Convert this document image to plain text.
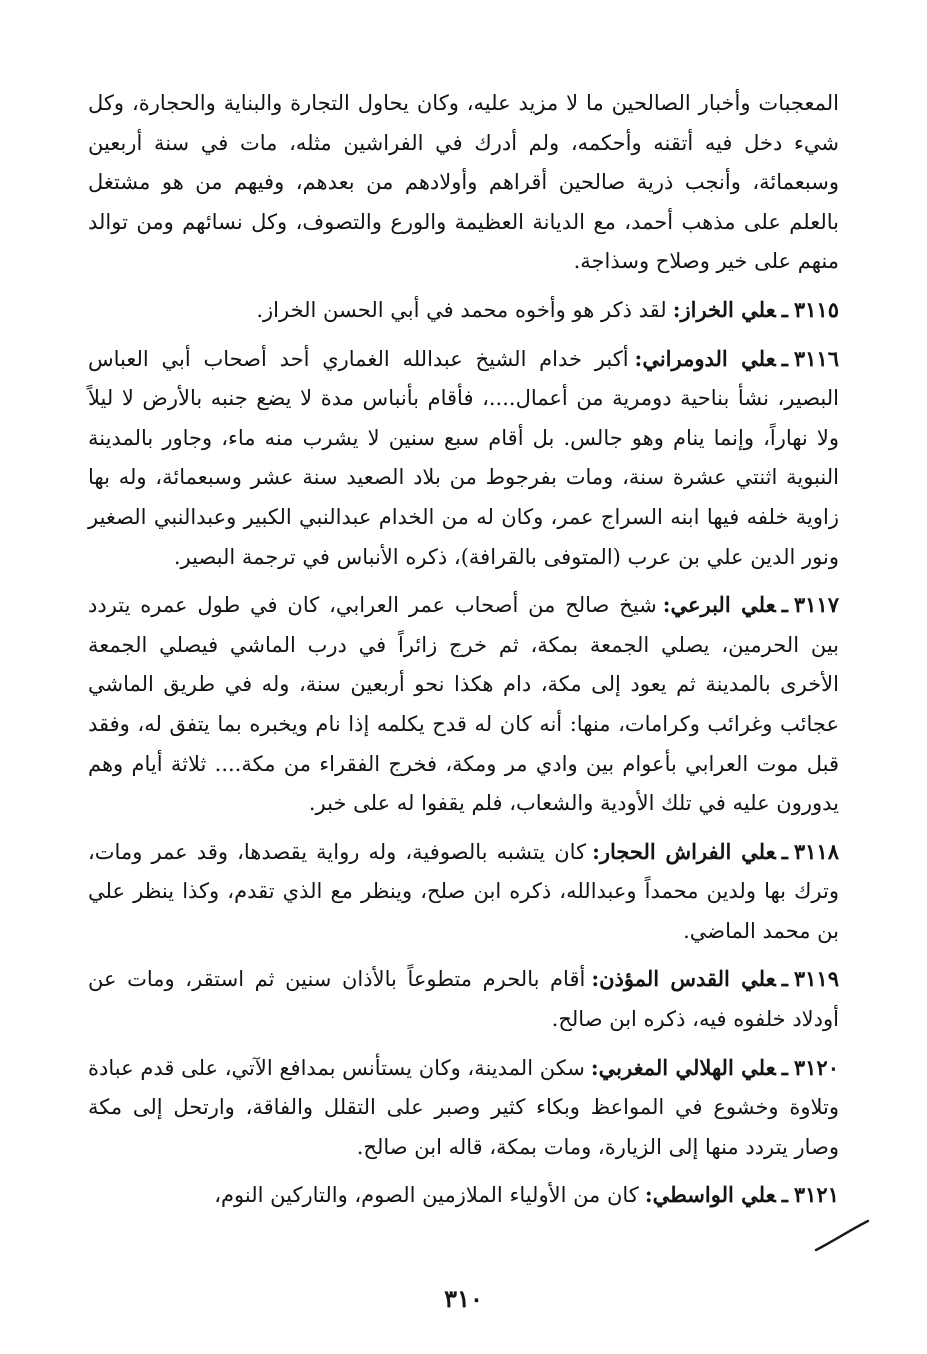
المعجبات وأخبار الصالحين ما لا مزيد عليه، وكان يحاول التجارة والبناية والحجارة، وكل شيء دخل فيه أتقنه وأحكمه، ولم أدرك في الفراشين مثله، مات في سنة أربعين وسبعمائة، وأنجب ذرية صالحين أقراهم وأولادهم من بعدهم، وفيهم من هو مشتغل بالعلم على مذهب أحمد، مع الديانة العظيمة والورع والتصوف، وكل نسائهم ومن توالد منهم على خير وصلاح وسذاجة.

٣١١٥ـعلي الخراز:لقد ذكر هو وأخوه محمد في أبي الحسن الخراز.

٣١١٦ـعلي الدومراني:أكبر خدام الشيخ عبدالله الغماري أحد أصحاب أبي العباس البصير، نشأ بناحية دومرية من أعمال....، فأقام بأنباس مدة لا يضع جنبه بالأرض لا ليلاً ولا نهاراً، وإنما ينام وهو جالس. بل أقام سبع سنين لا يشرب منه ماء، وجاور بالمدينة النبوية اثنتي عشرة سنة، ومات بفرجوط من بلاد الصعيد سنة عشر وسبعمائة، وله بها زاوية خلفه فيها ابنه السراج عمر، وكان له من الخدام عبدالنبي الكبير وعبدالنبي الصغير ونور الدين علي بن عرب (المتوفى بالقرافة)، ذكره الأنباس في ترجمة البصير.

٣١١٧ـعلي البرعي:شيخ صالح من أصحاب عمر العرابي، كان في طول عمره يتردد بين الحرمين، يصلي الجمعة بمكة، ثم خرج زائراً في درب الماشي فيصلي الجمعة الأخرى بالمدينة ثم يعود إلى مكة، دام هكذا نحو أربعين سنة، وله في طريق الماشي عجائب وغرائب وكرامات، منها: أنه كان له قدح يكلمه إذا نام ويخبره بما يتفق له، وفقد قبل موت العرابي بأعوام بين وادي مر ومكة، فخرج الفقراء من مكة.... ثلاثة أيام وهم يدورون عليه في تلك الأودية والشعاب، فلم يقفوا له على خبر.

٣١١٨ـعلي الفراش الحجار:كان يتشبه بالصوفية، وله رواية يقصدها، وقد عمر ومات، وترك بها ولدين محمداً وعبدالله، ذكره ابن صلح، وينظر مع الذي تقدم، وكذا ينظر علي بن محمد الماضي.

٣١١٩ـعلي القدس المؤذن:أقام بالحرم متطوعاً بالأذان سنين ثم استقر، ومات عن أودلاد خلفوه فيه، ذكره ابن صالح.

٣١٢٠ـعلي الهلالي المغربي:سكن المدينة، وكان يستأنس بمدافع الآتي، على قدم عبادة وتلاوة وخشوع في المواعظ وبكاء كثير وصبر على التقلل والفاقة، وارتحل إلى مكة وصار يتردد منها إلى الزيارة، ومات بمكة، قاله ابن صالح.

٣١٢١ـعلي الواسطي:كان من الأولياء الملازمين الصوم، والتاركين النوم،

٣١٠
